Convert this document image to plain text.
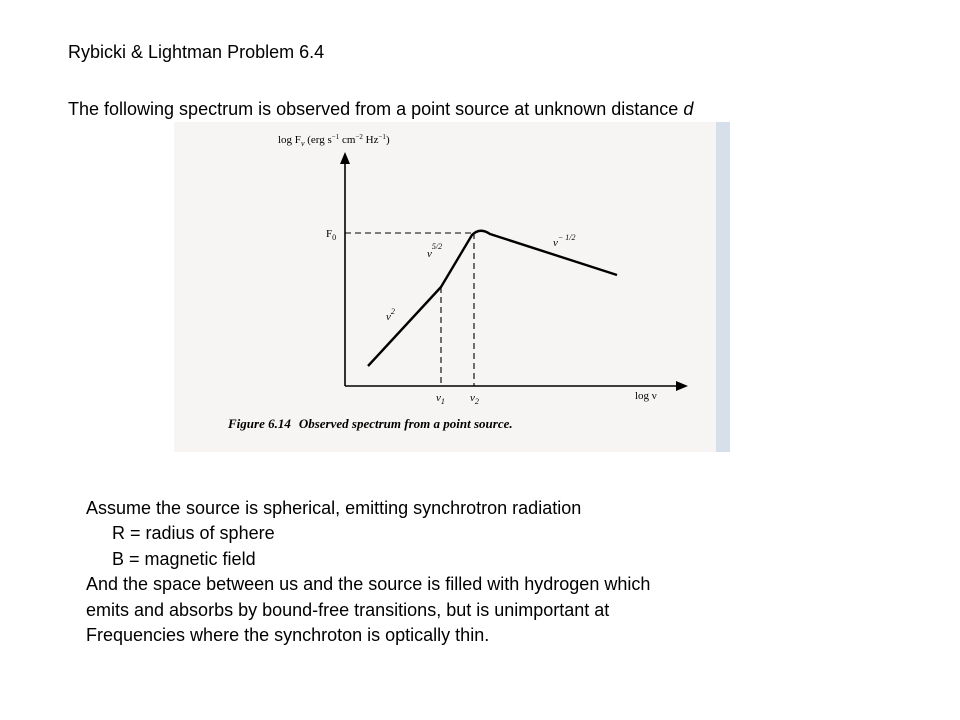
Rybicki & Lightman Problem 6.4
The following spectrum is observed from a point source at unknown distance d
$\log F_\nu$ (erg $s^{-1}$ $cm^{-2}$ $Hz^{-1}$)
log ν
$F_0$
$\nu_1$ $\nu_2$
$\nu^2$
$\nu^{5/2}$	$\nu^{- 1/2}$
Figure 6.14 Observed spectrum from a point source.
Assume the source is spherical, emitting synchrotron radiation
R = radius of sphere
B = magnetic field
And the space between us and the source is filled with hydrogen which
emits and absorbs by bound-free transitions, but is unimportant at
Frequencies where the synchroton is optically thin.
